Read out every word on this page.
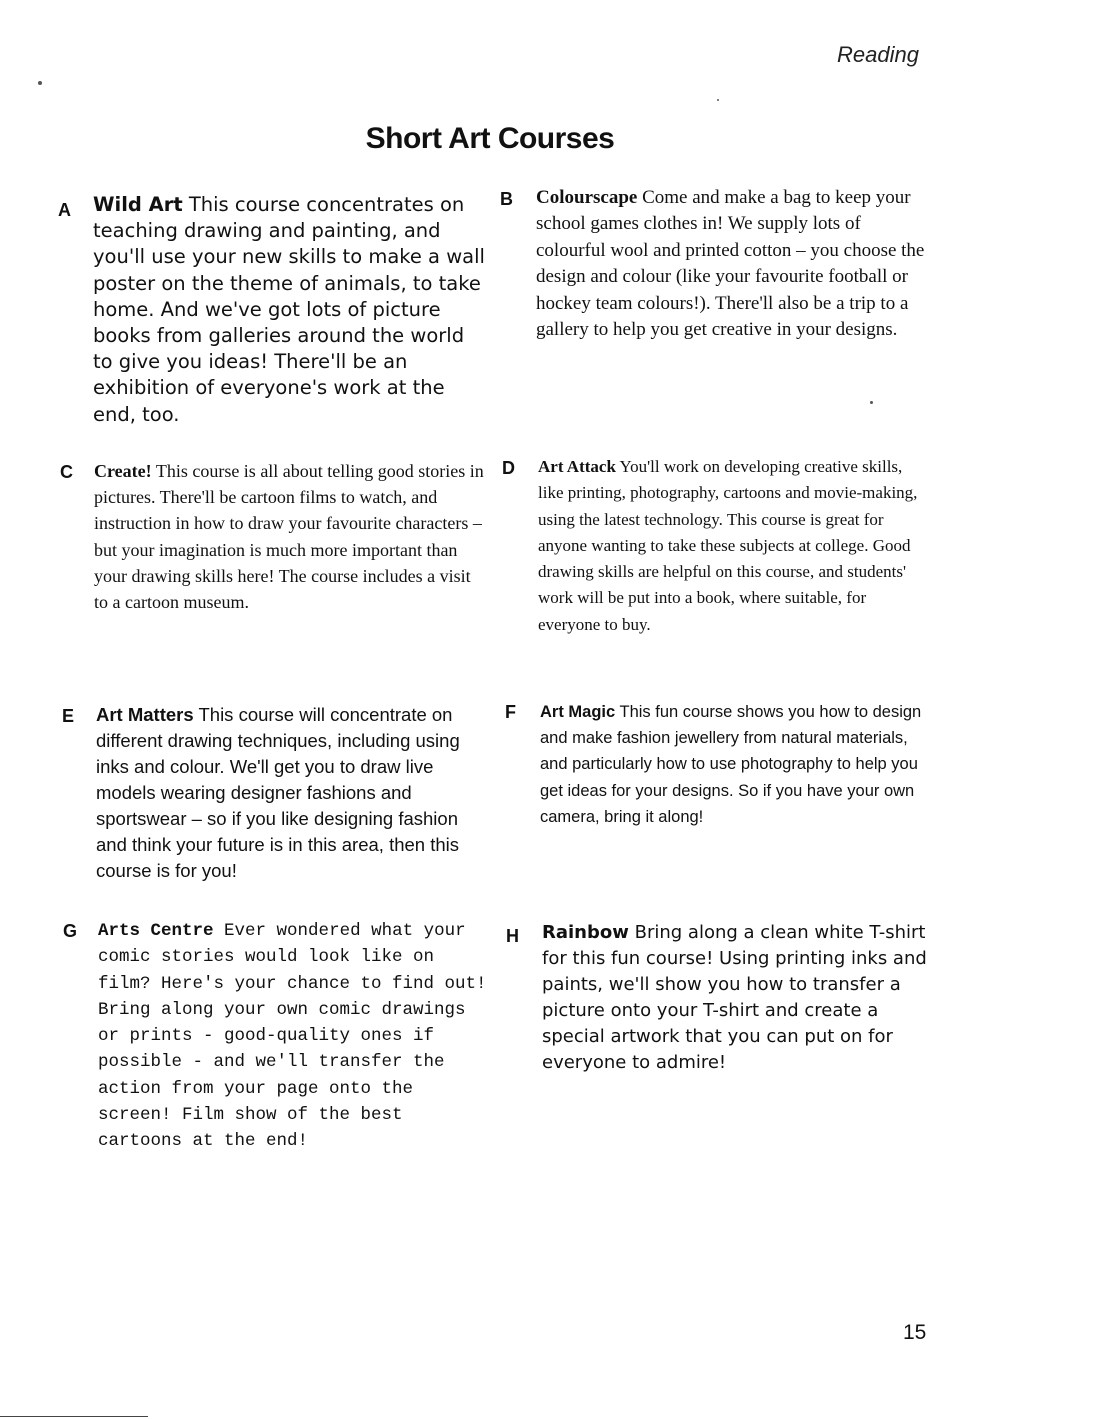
Reading
Short Art Courses
A Wild Art This course concentrates on teaching drawing and painting, and you'll use your new skills to make a wall poster on the theme of animals, to take home. And we've got lots of picture books from galleries around the world to give you ideas! There'll be an exhibition of everyone's work at the end, too.
B Colourscape Come and make a bag to keep your school games clothes in! We supply lots of colourful wool and printed cotton – you choose the design and colour (like your favourite football or hockey team colours!). There'll also be a trip to a gallery to help you get creative in your designs.
C Create! This course is all about telling good stories in pictures. There'll be cartoon films to watch, and instruction in how to draw your favourite characters – but your imagination is much more important than your drawing skills here! The course includes a visit to a cartoon museum.
D Art Attack You'll work on developing creative skills, like printing, photography, cartoons and movie-making, using the latest technology. This course is great for anyone wanting to take these subjects at college. Good drawing skills are helpful on this course, and students' work will be put into a book, where suitable, for everyone to buy.
E Art Matters This course will concentrate on different drawing techniques, including using inks and colour. We'll get you to draw live models wearing designer fashions and sportswear – so if you like designing fashion and think your future is in this area, then this course is for you!
F Art Magic This fun course shows you how to design and make fashion jewellery from natural materials, and particularly how to use photography to help you get ideas for your designs. So if you have your own camera, bring it along!
G Arts Centre Ever wondered what your comic stories would look like on film? Here's your chance to find out! Bring along your own comic drawings or prints - good-quality ones if possible - and we'll transfer the action from your page onto the screen! Film show of the best cartoons at the end!
H Rainbow Bring along a clean white T-shirt for this fun course! Using printing inks and paints, we'll show you how to transfer a picture onto your T-shirt and create a special artwork that you can put on for everyone to admire!
15
